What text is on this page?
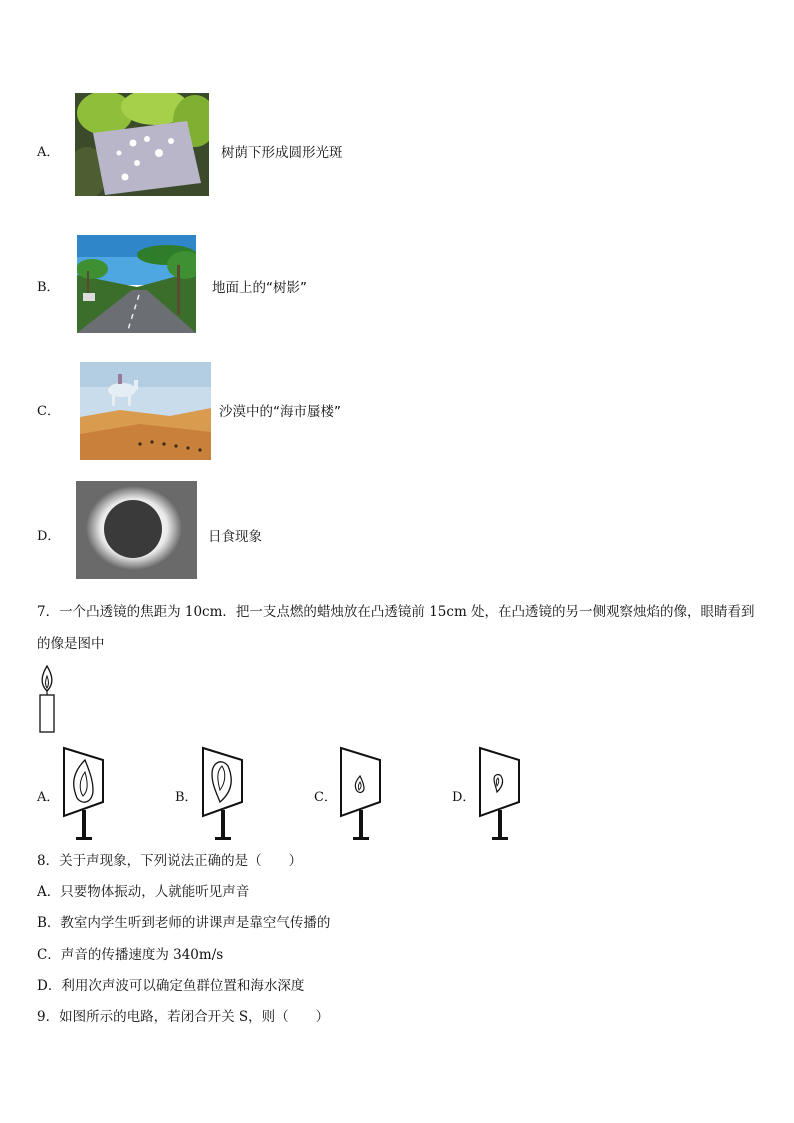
A．	树荫下形成圆形光斑
B．	地面上的“树影”
C．	沙漠中的“海市蜃楼”
D．	日食现象
7．一个凸透镜的焦距为 10cm．把一支点燃的蜡烛放在凸透镜前 15cm 处，在凸透镜的另一侧观察烛焰的像，眼睛看到
的像是图中
A．	B．	C．	D．
8．关于声现象，下列说法正确的是（　　）
A．只要物体振动，人就能听见声音
B．教室内学生听到老师的讲课声是靠空气传播的
C．声音的传播速度为 340m/s
D．利用次声波可以确定鱼群位置和海水深度
9．如图所示的电路，若闭合开关 S，则（　　）
